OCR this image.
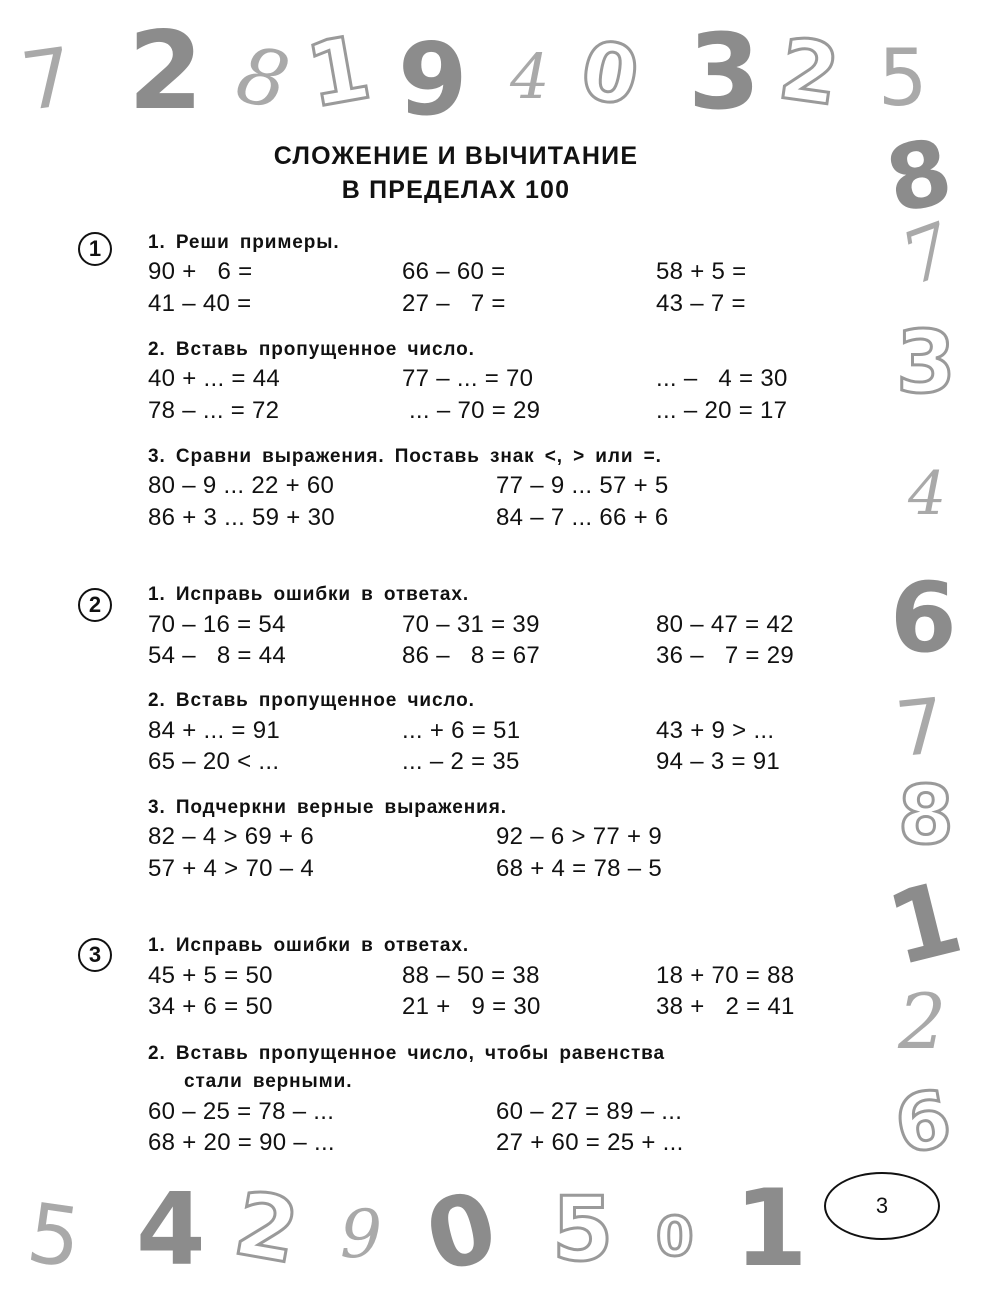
7 2 8 1 9 4 0 3 2 5
8
7
3
4
6
7
8
1
2
6
5 4 2 9 0 5 0 1
СЛОЖЕНИЕ И ВЫЧИТАНИЕ
В ПРЕДЕЛАХ 100
1	1. Реши примеры.
90 +   6 =	66 – 60 =	58 + 5 =
41 – 40 =	27 –   7 =	43 – 7 =
2. Вставь пропущенное число.
40 + ... = 44	77 – ... = 70	... –   4 = 30
78 – ... = 72	... – 70 = 29	... – 20 = 17
3. Сравни выражения. Поставь знак <, > или =.
80 – 9 ... 22 + 60	77 – 9 ... 57 + 5
86 + 3 ... 59 + 30	84 – 7 ... 66 + 6
2	1. Исправь ошибки в ответах.
70 – 16 = 54	70 – 31 = 39	80 – 47 = 42
54 –   8 = 44	86 –   8 = 67	36 –   7 = 29
2. Вставь пропущенное число.
84 + ... = 91	... + 6 = 51	43 + 9 > ...
65 – 20 < ...	... – 2 = 35	94 – 3 = 91
3. Подчеркни верные выражения.
82 – 4 > 69 + 6	92 – 6 > 77 + 9
57 + 4 > 70 – 4	68 + 4 = 78 – 5
3	1. Исправь ошибки в ответах.
45 + 5 = 50	88 – 50 = 38	18 + 70 = 88
34 + 6 = 50	21 +   9 = 30	38 +   2 = 41
2. Вставь пропущенное число, чтобы равенства
стали верными.
60 – 25 = 78 – ...	60 – 27 = 89 – ...
68 + 20 = 90 – ...	27 + 60 = 25 + ...
3
